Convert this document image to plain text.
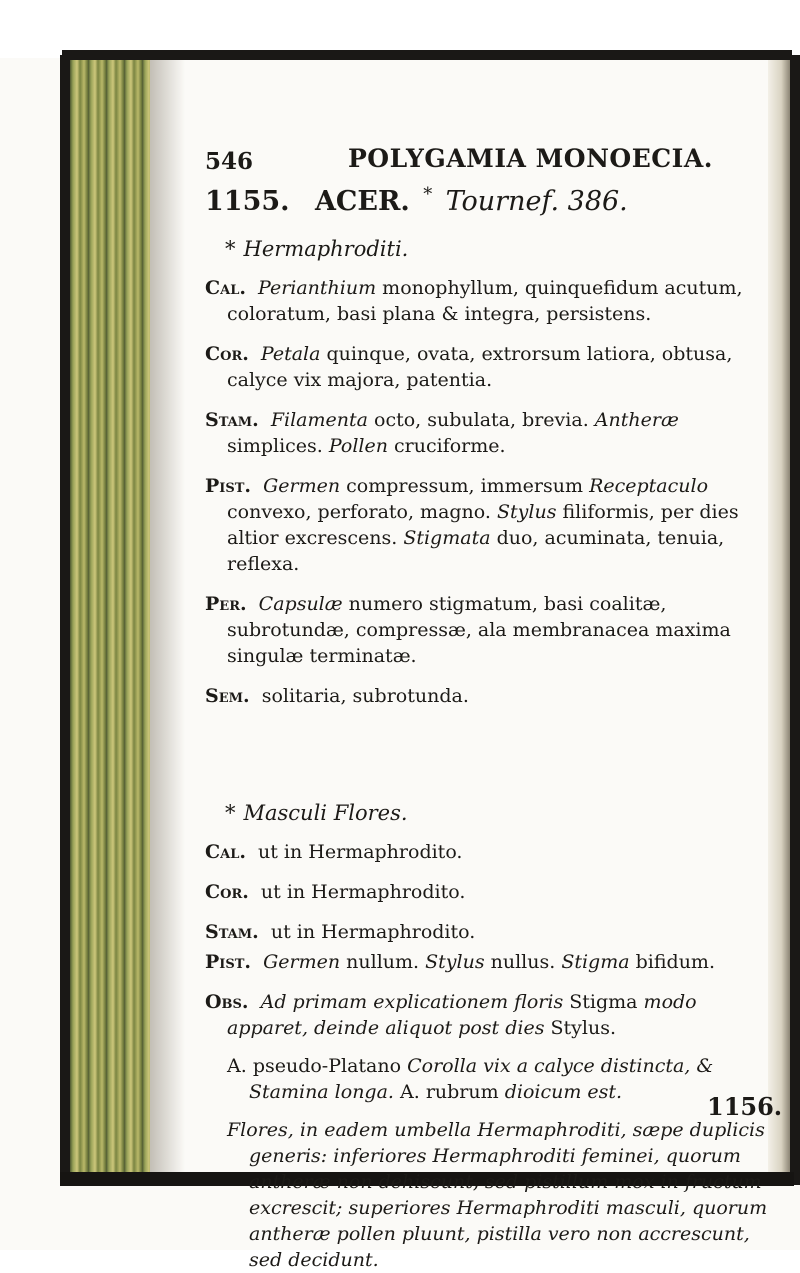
546	POLYGAMIA MONOECIA.
1155. ACER. * Tournef. 386.
* Hermaphroditi.
Cal. Perianthium monophyllum, quinquefidum acutum, coloratum, basi plana & integra, persistens.
Cor. Petala quinque, ovata, extrorsum latiora, obtusa, calyce vix majora, patentia.
Stam. Filamenta octo, subulata, brevia. Antheræ simplices. Pollen cruciforme.
Pist. Germen compressum, immersum Receptaculo convexo, perforato, magno. Stylus filiformis, per dies altior excrescens. Stigmata duo, acuminata, tenuia, reflexa.
Per. Capsulæ numero stigmatum, basi coalitæ, subrotundæ, compressæ, ala membranacea maxima singulæ terminatæ.
Sem. solitaria, subrotunda.
* Masculi Flores.
Cal. ut in Hermaphrodito.
Cor. ut in Hermaphrodito.
Stam. ut in Hermaphrodito.
Pist. Germen nullum. Stylus nullus. Stigma bifidum.
Obs. Ad primam explicationem floris Stigma modo apparet, deinde aliquot post dies Stylus.
A. pseudo-Platano Corolla vix a calyce distincta, & Stamina longa. A. rubrum dioicum est.
Flores, in eadem umbella Hermaphroditi, sæpe duplicis generis: inferiores Hermaphroditi feminei, quorum antheræ non dehiscunt, sed pistillum mox in fructum excrescit; superiores Hermaphroditi masculi, quorum antheræ pollen pluunt, pistilla vero non accrescunt, sed decidunt.
1156.
